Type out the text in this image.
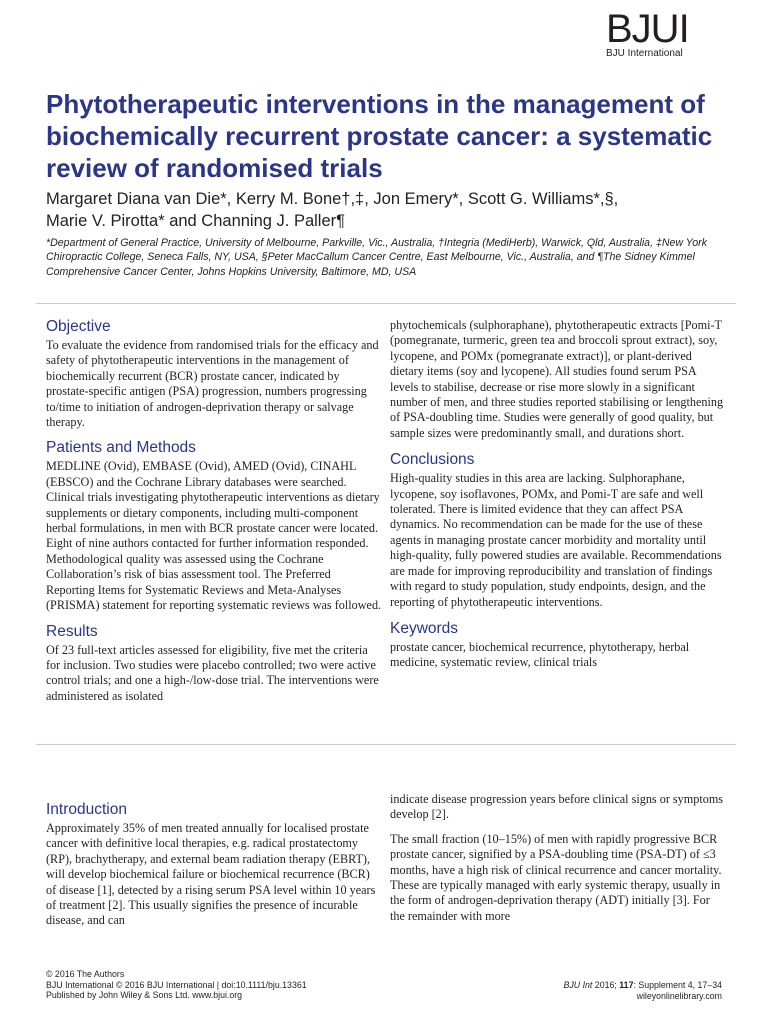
BJUI
BJU International
Phytotherapeutic interventions in the management of biochemically recurrent prostate cancer: a systematic review of randomised trials

Margaret Diana van Die*, Kerry M. Bone†,‡, Jon Emery*, Scott G. Williams*,§,
Marie V. Pirotta* and Channing J. Paller¶

*Department of General Practice, University of Melbourne, Parkville, Vic., Australia, †Integria (MediHerb), Warwick, Qld, Australia, ‡New York Chiropractic College, Seneca Falls, NY, USA, §Peter MacCallum Cancer Centre, East Melbourne, Vic., Australia, and ¶The Sidney Kimmel Comprehensive Cancer Center, Johns Hopkins University, Baltimore, MD, USA

Objective

To evaluate the evidence from randomised trials for the efficacy and safety of phytotherapeutic interventions in the management of biochemically recurrent (BCR) prostate cancer, indicated by prostate-specific antigen (PSA) progression, numbers progressing to/time to initiation of androgen-deprivation therapy or salvage therapy.

Patients and Methods

MEDLINE (Ovid), EMBASE (Ovid), AMED (Ovid), CINAHL (EBSCO) and the Cochrane Library databases were searched. Clinical trials investigating phytotherapeutic interventions as dietary supplements or dietary components, including multi-component herbal formulations, in men with BCR prostate cancer were located. Eight of nine authors contacted for further information responded. Methodological quality was assessed using the Cochrane Collaboration’s risk of bias assessment tool. The Preferred Reporting Items for Systematic Reviews and Meta-Analyses (PRISMA) statement for reporting systematic reviews was followed.

Results

Of 23 full-text articles assessed for eligibility, five met the criteria for inclusion. Two studies were placebo controlled; two were active control trials; and one a high-/low-dose trial. The interventions were administered as isolated

phytochemicals (sulphoraphane), phytotherapeutic extracts [Pomi-T (pomegranate, turmeric, green tea and broccoli sprout extract), soy, lycopene, and POMx (pomegranate extract)], or plant-derived dietary items (soy and lycopene). All studies found serum PSA levels to stabilise, decrease or rise more slowly in a significant number of men, and three studies reported stabilising or lengthening of PSA-doubling time. Studies were generally of good quality, but sample sizes were predominantly small, and durations short.

Conclusions

High-quality studies in this area are lacking. Sulphoraphane, lycopene, soy isoflavones, POMx, and Pomi-T are safe and well tolerated. There is limited evidence that they can affect PSA dynamics. No recommendation can be made for the use of these agents in managing prostate cancer morbidity and mortality until high-quality, fully powered studies are available. Recommendations are made for improving reproducibility and translation of findings with regard to study population, study endpoints, design, and the reporting of phytotherapeutic interventions.

Keywords

prostate cancer, biochemical recurrence, phytotherapy, herbal medicine, systematic review, clinical trials

Introduction

Approximately 35% of men treated annually for localised prostate cancer with definitive local therapies, e.g. radical prostatectomy (RP), brachytherapy, and external beam radiation therapy (EBRT), will develop biochemical failure or biochemical recurrence (BCR) of disease [1], detected by a rising serum PSA level within 10 years of treatment [2]. This usually signifies the presence of incurable disease, and can

indicate disease progression years before clinical signs or symptoms develop [2].

The small fraction (10–15%) of men with rapidly progressive BCR prostate cancer, signified by a PSA-doubling time (PSA-DT) of ≤3 months, have a high risk of clinical recurrence and cancer mortality. These are typically managed with early systemic therapy, usually in the form of androgen-deprivation therapy (ADT) initially [3]. For the remainder with more

© 2016 The Authors
BJU International © 2016 BJU International | doi:10.1111/bju.13361
Published by John Wiley & Sons Ltd. www.bjui.org
BJU Int 2016; 117: Supplement 4, 17–34
wileyonlinelibrary.com
